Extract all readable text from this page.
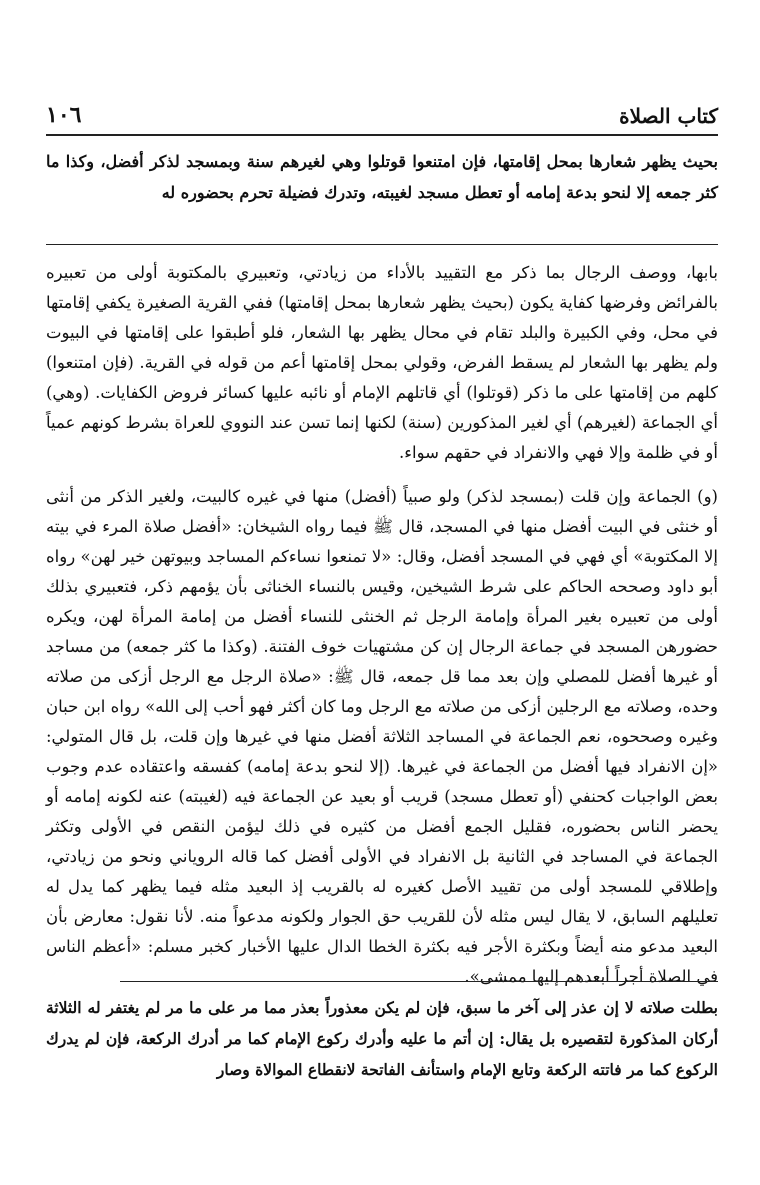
كتاب الصلاة
١٠٦
بحيث يظهر شعارها بمحل إقامتها، فإن امتنعوا قوتلوا وهي لغيرهم سنة وبمسجد لذكر أفضل، وكذا ما كثر جمعه إلا لنحو بدعة إمامه أو تعطل مسجد لغيبته، وتدرك فضيلة تحرم بحضوره له

بابها، ووصف الرجال بما ذكر مع التقييد بالأداء من زيادتي، وتعبيري بالمكتوبة أولى من تعبيره بالفرائض وفرضها كفاية يكون (بحيث يظهر شعارها بمحل إقامتها) ففي القرية الصغيرة يكفي إقامتها في محل، وفي الكبيرة والبلد تقام في محال يظهر بها الشعار، فلو أطبقوا على إقامتها في البيوت ولم يظهر بها الشعار لم يسقط الفرض، وقولي بمحل إقامتها أعم من قوله في القرية. (فإن امتنعوا) كلهم من إقامتها على ما ذكر (قوتلوا) أي قاتلهم الإمام أو نائبه عليها كسائر فروض الكفايات. (وهي) أي الجماعة (لغيرهم) أي لغير المذكورين (سنة) لكنها إنما تسن عند النووي للعراة بشرط كونهم عمياً أو في ظلمة وإلا فهي والانفراد في حقهم سواء.

(و) الجماعة وإن قلت (بمسجد لذكر) ولو صبياً (أفضل) منها في غيره كالبيت، ولغير الذكر من أنثى أو خنثى في البيت أفضل منها في المسجد، قال ﷺ فيما رواه الشيخان: «أفضل صلاة المرء في بيته إلا المكتوبة» أي فهي في المسجد أفضل، وقال: «لا تمنعوا نساءكم المساجد وبيوتهن خير لهن» رواه أبو داود وصححه الحاكم على شرط الشيخين، وقيس بالنساء الخناثى بأن يؤمهم ذكر، فتعبيري بذلك أولى من تعبيره بغير المرأة وإمامة الرجل ثم الخنثى للنساء أفضل من إمامة المرأة لهن، ويكره حضورهن المسجد في جماعة الرجال إن كن مشتهيات خوف الفتنة. (وكذا ما كثر جمعه) من مساجد أو غيرها أفضل للمصلي وإن بعد مما قل جمعه، قال ﷺ: «صلاة الرجل مع الرجل أزكى من صلاته وحده، وصلاته مع الرجلين أزكى من صلاته مع الرجل وما كان أكثر فهو أحب إلى الله» رواه ابن حبان وغيره وصححوه، نعم الجماعة في المساجد الثلاثة أفضل منها في غيرها وإن قلت، بل قال المتولي: «إن الانفراد فيها أفضل من الجماعة في غيرها. (إلا لنحو بدعة إمامه) كفسقه واعتقاده عدم وجوب بعض الواجبات كحنفي (أو تعطل مسجد) قريب أو بعيد عن الجماعة فيه (لغيبته) عنه لكونه إمامه أو يحضر الناس بحضوره، فقليل الجمع أفضل من كثيره في ذلك ليؤمن النقص في الأولى وتكثر الجماعة في المساجد في الثانية بل الانفراد في الأولى أفضل كما قاله الروياني ونحو من زيادتي، وإطلاقي للمسجد أولى من تقييد الأصل كغيره له بالقريب إذ البعيد مثله فيما يظهر كما يدل له تعليلهم السابق، لا يقال ليس مثله لأن للقريب حق الجوار ولكونه مدعواً منه. لأنا نقول: معارض بأن البعيد مدعو منه أيضاً وبكثرة الأجر فيه بكثرة الخطا الدال عليها الأخبار كخبر مسلم: «أعظم الناس في الصلاة أجراً أبعدهم إليها ممشى».

بطلت صلاته لا إن عذر إلى آخر ما سبق، فإن لم يكن معذوراً بعذر مما مر على ما مر لم يغتفر له الثلاثة أركان المذكورة لتقصيره بل يقال: إن أتم ما عليه وأدرك ركوع الإمام كما مر أدرك الركعة، فإن لم يدرك الركوع كما مر فاتته الركعة وتابع الإمام واستأنف الفاتحة لانقطاع الموالاة وصار
